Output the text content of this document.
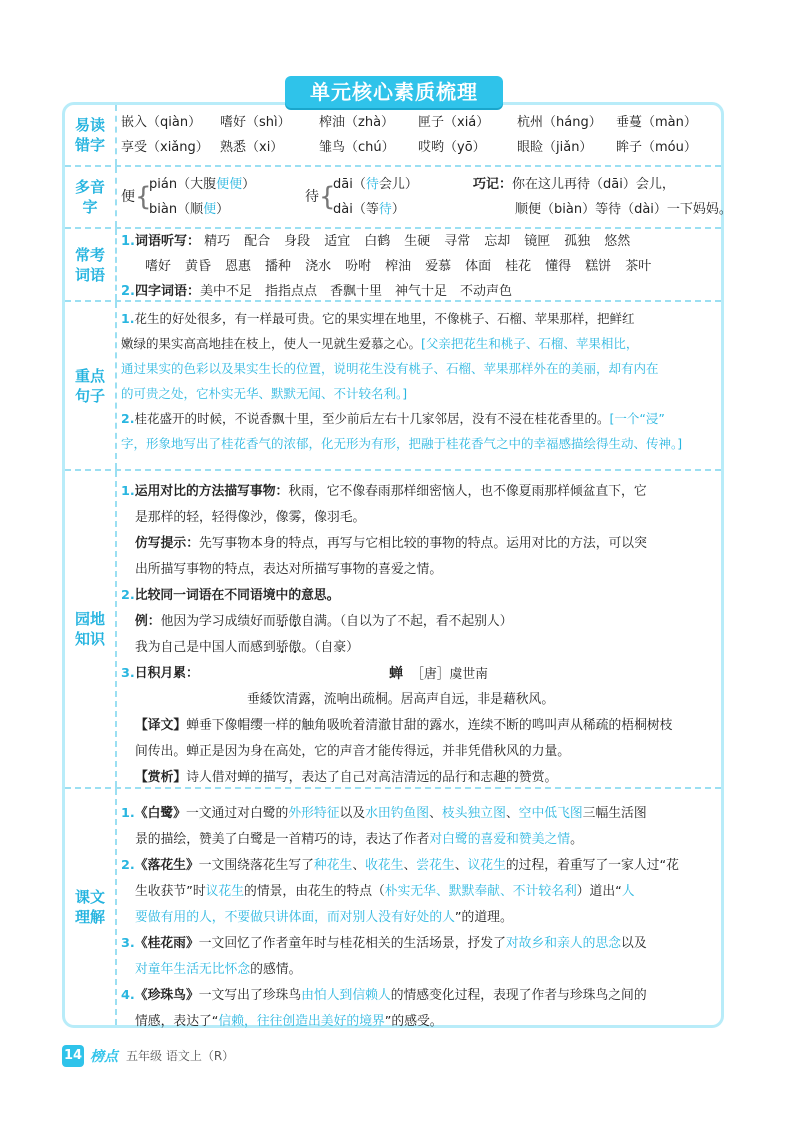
易读错字
嵌入（qiàn）	嗜好（shì）	榨油（zhà）	匣子（xiá）	杭州（háng）	垂蔓（màn）
享受（xiǎng） 熟悉（xi）	雏鸟（chú）	哎哟（yō）	眼睑（jiǎn）	眸子（móu）
多音字
便 {
pián（大腹便便）
biàn（顺便）
待 {
dāi（待会儿）
dài（等待）
巧记：你在这儿再待（dāi）会儿，
顺便（biàn）等待（dài）一下妈妈。
常考词语
1.词语听写： 精巧 配合 身段 适宜 白鹤 生硬 寻常 忘却 镜匣 孤独 悠然
嗜好 黄昏 恩惠 播种 浇水 吩咐 榨油 爱慕 体面 桂花 懂得 糕饼 茶叶
2.四字词语：美中不足　指指点点　香飘十里　神气十足　不动声色
重点句子
1.花生的好处很多，有一样最可贵。它的果实埋在地里，不像桃子、石榴、苹果那样，把鲜红
嫩绿的果实高高地挂在枝上，使人一见就生爱慕之心。[父亲把花生和桃子、石榴、苹果相比，
通过果实的色彩以及果实生长的位置，说明花生没有桃子、石榴、苹果那样外在的美丽，却有内在
的可贵之处，它朴实无华、默默无闻、不计较名利。]
2.桂花盛开的时候，不说香飘十里，至少前后左右十几家邻居，没有不浸在桂花香里的。[一个“浸”
字，形象地写出了桂花香气的浓郁，化无形为有形，把融于桂花香气之中的幸福感描绘得生动、传神。]
园地知识
1.运用对比的方法描写事物：秋雨，它不像春雨那样细密恼人，也不像夏雨那样倾盆直下，它
是那样的轻，轻得像沙，像雾，像羽毛。
仿写提示：先写事物本身的特点，再写与它相比较的事物的特点。运用对比的方法，可以突
出所描写事物的特点，表达对所描写事物的喜爱之情。
2.比较同一词语在不同语境中的意思。
例：他因为学习成绩好而骄傲自满。（自以为了不起，看不起别人）
我为自己是中国人而感到骄傲。（自豪）
3.日积月累：	蝉 ［唐］虞世南
垂緌饮清露，流响出疏桐。居高声自远，非是藉秋风。
【译文】蝉垂下像帽缨一样的触角吸吮着清澈甘甜的露水，连续不断的鸣叫声从稀疏的梧桐树枝
间传出。蝉正是因为身在高处，它的声音才能传得远，并非凭借秋风的力量。
【赏析】诗人借对蝉的描写，表达了自己对高洁清远的品行和志趣的赞赏。
课文理解
1.《白鹭》一文通过对白鹭的外形特征以及水田钓鱼图、枝头独立图、空中低飞图三幅生活图
景的描绘，赞美了白鹭是一首精巧的诗，表达了作者对白鹭的喜爱和赞美之情。
2.《落花生》一文围绕落花生写了种花生、收花生、尝花生、议花生的过程，着重写了一家人过“花
生收获节”时议花生的情景，由花生的特点（朴实无华、默默奉献、不计较名利）道出“人
要做有用的人，不要做只讲体面，而对别人没有好处的人”的道理。
3.《桂花雨》一文回忆了作者童年时与桂花相关的生活场景，抒发了对故乡和亲人的思念以及
对童年生活无比怀念的感情。
4.《珍珠鸟》一文写出了珍珠鸟由怕人到信赖人的情感变化过程，表现了作者与珍珠鸟之间的
情感，表达了“信赖，往往创造出美好的境界”的感受。
单元核心素质梳理
14 榜点 五年级 语文上（R）
